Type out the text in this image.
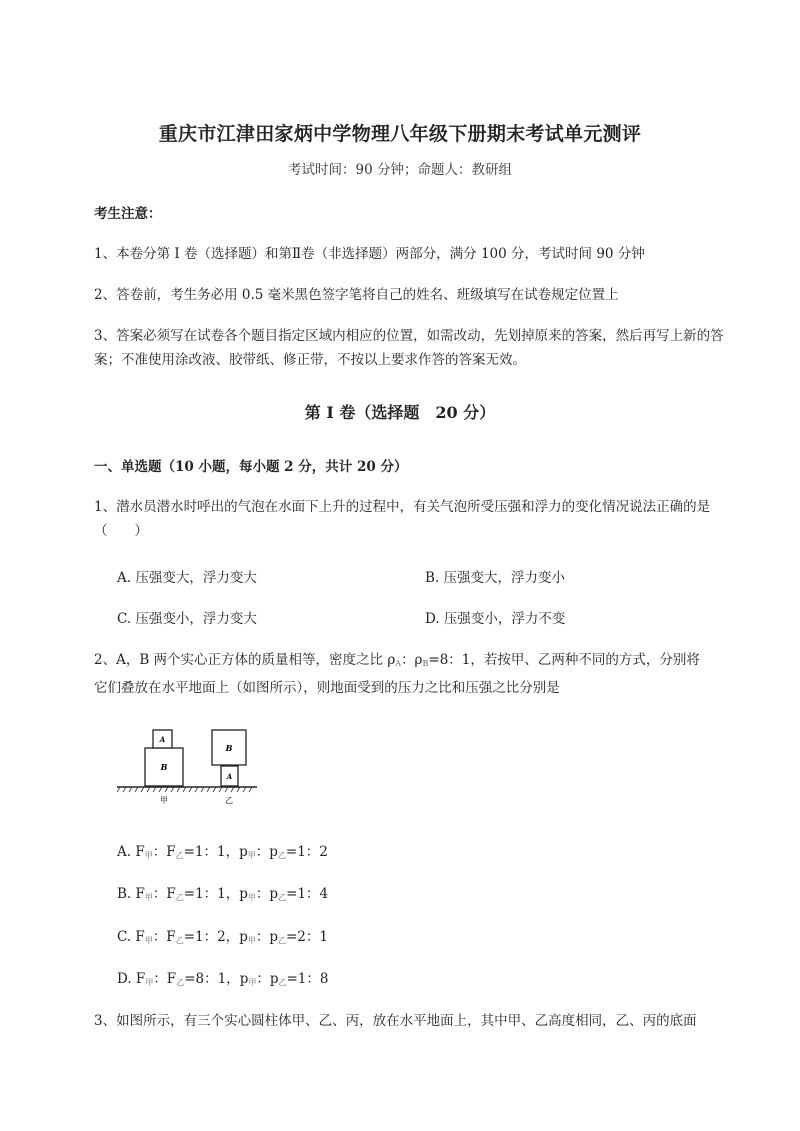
重庆市江津田家炳中学物理八年级下册期末考试单元测评
考试时间：90 分钟；命题人：教研组
考生注意：
1、本卷分第 I 卷（选择题）和第Ⅱ卷（非选择题）两部分，满分 100 分，考试时间 90 分钟
2、答卷前，考生务必用 0.5 毫米黑色签字笔将自己的姓名、班级填写在试卷规定位置上
3、答案必须写在试卷各个题目指定区域内相应的位置，如需改动，先划掉原来的答案，然后再写上新的答案；不准使用涂改液、胶带纸、修正带，不按以上要求作答的答案无效。
第 I 卷（选择题　20 分）
一、单选题（10 小题，每小题 2 分，共计 20 分）
1、潜水员潜水时呼出的气泡在水面下上升的过程中，有关气泡所受压强和浮力的变化情况说法正确的是（　　）
A. 压强变大，浮力变大	B. 压强变大，浮力变小
C. 压强变小，浮力变大	D. 压强变小，浮力不变
2、A，B 两个实心正方体的质量相等，密度之比 $\rho_A$：$\rho_B=8$：1，若按甲、乙两种不同的方式，分别将
它们叠放在水平地面上（如图所示），则地面受到的压力之比和压强之比分别是
B
A
B
A
甲	乙
A. $F_甲$：$F_乙=1$：1，$p_甲$：$p_乙=1$：2
B. $F_甲$：$F_乙=1$：1，$p_甲$：$p_乙=1$：4
C. $F_甲$：$F_乙=1$：2，$p_甲$：$p_乙=2$：1
D. $F_甲$：$F_乙=8$：1，$p_甲$：$p_乙=1$：8
3、如图所示，有三个实心圆柱体甲、乙、丙，放在水平地面上，其中甲、乙高度相同，乙、丙的底面
